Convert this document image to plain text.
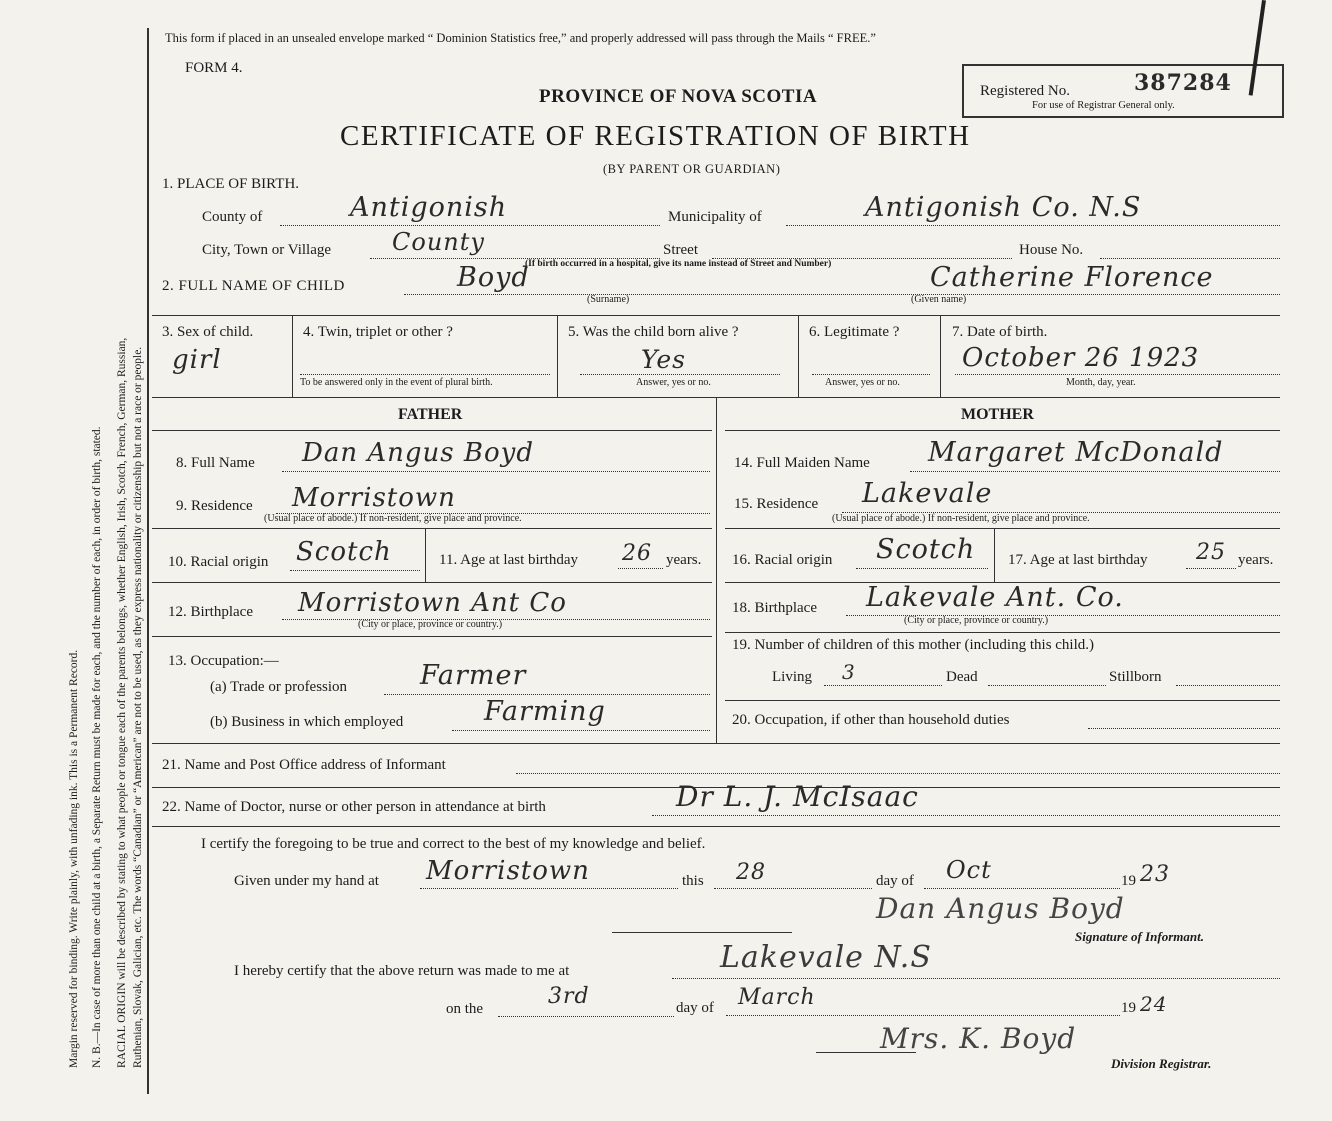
Margin reserved for binding. Write plainly, with unfading ink. This is a Permanent Record. N. B.—In case of more than one child at a birth, a Separate Return must be made for each, and the number of each, in order of birth, stated. RACIAL ORIGIN will be described by stating to what people or tongue each of the parents belongs, whether English, Irish, Scotch, French, German, Russian, Ruthenian, Slovak, Galician, etc. The words “Canadian” or “American” are not to be used, as they express nationality or citizenship but not a race or people.
This form if placed in an unsealed envelope marked “ Dominion Statistics free,” and properly addressed will pass through the Mails “ FREE.”
FORM 4.
PROVINCE OF NOVA SCOTIA
CERTIFICATE OF REGISTRATION OF BIRTH
(BY PARENT OR GUARDIAN)
Registered No.	387284
For use of Registrar General only.
1. PLACE OF BIRTH.
County of	Antigonish	Municipality of	Antigonish Co. N.S
City, Town or Village	County	Street	House No.
(If birth occurred in a hospital, give its name instead of Street and Number)
2. FULL NAME OF CHILD	Boyd
(Surname)
Catherine Florence
(Given name)
3. Sex of child.
girl
4. Twin, triplet or other ?
To be answered only in the event of plural birth.
5. Was the child born alive ?
Yes
Answer, yes or no.
6. Legitimate ?
Answer, yes or no.
7. Date of birth.
October 26 1923
Month, day, year.
FATHER	MOTHER
8. Full Name Dan Angus Boyd
9. Residence Morristown
(Usual place of abode.) If non-resident, give place and province.
10. Racial origin Scotch	11. Age at last birthday 26 years.
12. Birthplace Morristown Ant Co
(City or place, province or country.)
13. Occupation:—
(a) Trade or profession	Farmer
(b) Business in which employed	Farming
14. Full Maiden Name Margaret McDonald
15. Residence Lakevale
(Usual place of abode.) If non-resident, give place and province.
16. Racial origin Scotch 17. Age at last birthday 25 years.
18. Birthplace Lakevale Ant. Co.
(City or place, province or country.)
19. Number of children of this mother (including this child.)
Living 3	Dead	Stillborn
20. Occupation, if other than household duties
21. Name and Post Office address of Informant
22. Name of Doctor, nurse or other person in attendance at birth	Dr L. J. McIsaac
I certify the foregoing to be true and correct to the best of my knowledge and belief.
Given under my hand at Morristown	this 28	day of Oct	19 23
Dan Angus Boyd
Signature of Informant.
I hereby certify that the above return was made to me at	Lakevale N.S
on the	3rd	day of March	19 24
Mrs. K. Boyd
Division Registrar.
